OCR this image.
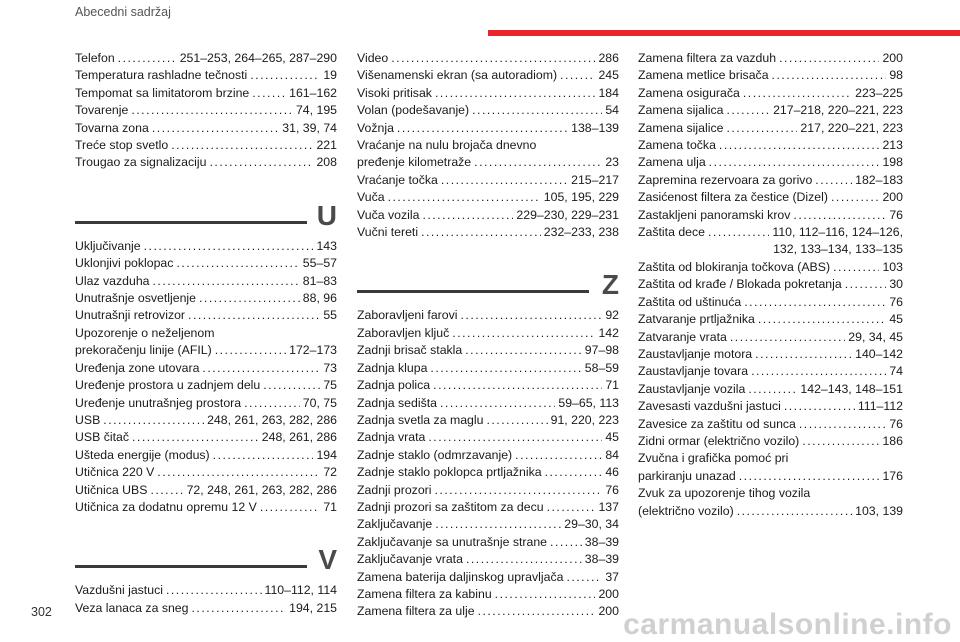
Abecedni sadržaj
Telefon .....	251–253, 264–265, 287–290
Temperatura rashladne tečnosti .....	19
Tempomat sa limitatorom brzine .....	161–162
Tovarenje .....	74, 195
Tovarna zona .....	31, 39, 74
Treće stop svetlo .....	221
Trougao za signalizaciju .....	208
U
Uključivanje .....	143
Uklonjivi poklopac .....	55–57
Ulaz vazduha .....	81–83
Unutrašnje osvetljenje .....	88, 96
Unutrašnji retrovizor .....	55
Upozorenje o neželjenom
prekoračenju linije (AFIL) .....	172–173
Uređenja zone utovara .....	73
Uređenje prostora u zadnjem delu .....	75
Uređenje unutrašnjeg prostora .....	70, 75
USB .....	248, 261, 263, 282, 286
USB čitač .....	248, 261, 286
Ušteda energije (modus) .....	194
Utičnica 220 V .....	72
Utičnica UBS .....	72, 248, 261, 263, 282, 286
Utičnica za dodatnu opremu 12 V .....	71
V
Vazdušni jastuci .....	110–112, 114
Veza lanaca za sneg .....	194, 215
Video .....	286
Višenamenski ekran (sa autoradiom) .....	245
Visoki pritisak .....	184
Volan (podešavanje) .....	54
Vožnja .....	138–139
Vraćanje na nulu brojača dnevno
pređenje kilometraže .....	23
Vraćanje točka .....	215–217
Vuča .....	105, 195, 229
Vuča vozila .....	229–230, 229–231
Vučni tereti .....	232–233, 238
Z
Zaboravljeni farovi .....	92
Zaboravljen ključ .....	142
Zadnji brisač stakla .....	97–98
Zadnja klupa .....	58–59
Zadnja polica .....	71
Zadnja sedišta .....	59–65, 113
Zadnja svetla za maglu .....	91, 220, 223
Zadnja vrata .....	45
Zadnje staklo (odmrzavanje) .....	84
Zadnje staklo poklopca prtljažnika .....	46
Zadnji prozori .....	76
Zadnji prozori sa zaštitom za decu .....	137
Zaključavanje .....	29–30, 34
Zaključavanje sa unutrašnje strane .....	38–39
Zaključavanje vrata .....	38–39
Zamena baterija daljinskog upravljača .....	37
Zamena filtera za kabinu .....	200
Zamena filtera za ulje .....	200
Zamena filtera za vazduh .....	200
Zamena metlice brisača .....	98
Zamena osigurača .....	223–225
Zamena sijalica .....	217–218, 220–221, 223
Zamena sijalice .....	217, 220–221, 223
Zamena točka .....	213
Zamena ulja .....	198
Zapremina rezervoara za gorivo .....	182–183
Zasićenost filtera za čestice (Dizel) .....	200
Zastakljeni panoramski krov .....	76
Zaštita dece .....	110, 112–116, 124–126,
132, 133–134, 133–135
Zaštita od blokiranja točkova (ABS) .....	103
Zaštita od krađe / Blokada pokretanja .....	30
Zaštita od uštinuća .....	76
Zatvaranje prtljažnika .....	45
Zatvaranje vrata .....	29, 34, 45
Zaustavljanje motora .....	140–142
Zaustavljanje tovara .....	74
Zaustavljanje vozila .....	142–143, 148–151
Zavesasti vazdušni jastuci .....	111–112
Zavesice za zaštitu od sunca .....	76
Zidni ormar (električno vozilo) .....	186
Zvučna i grafička pomoć pri
parkiranju unazad .....	176
Zvuk za upozorenje tihog vozila
(električno vozilo) .....	103, 139
302	carmanualsonline.info
